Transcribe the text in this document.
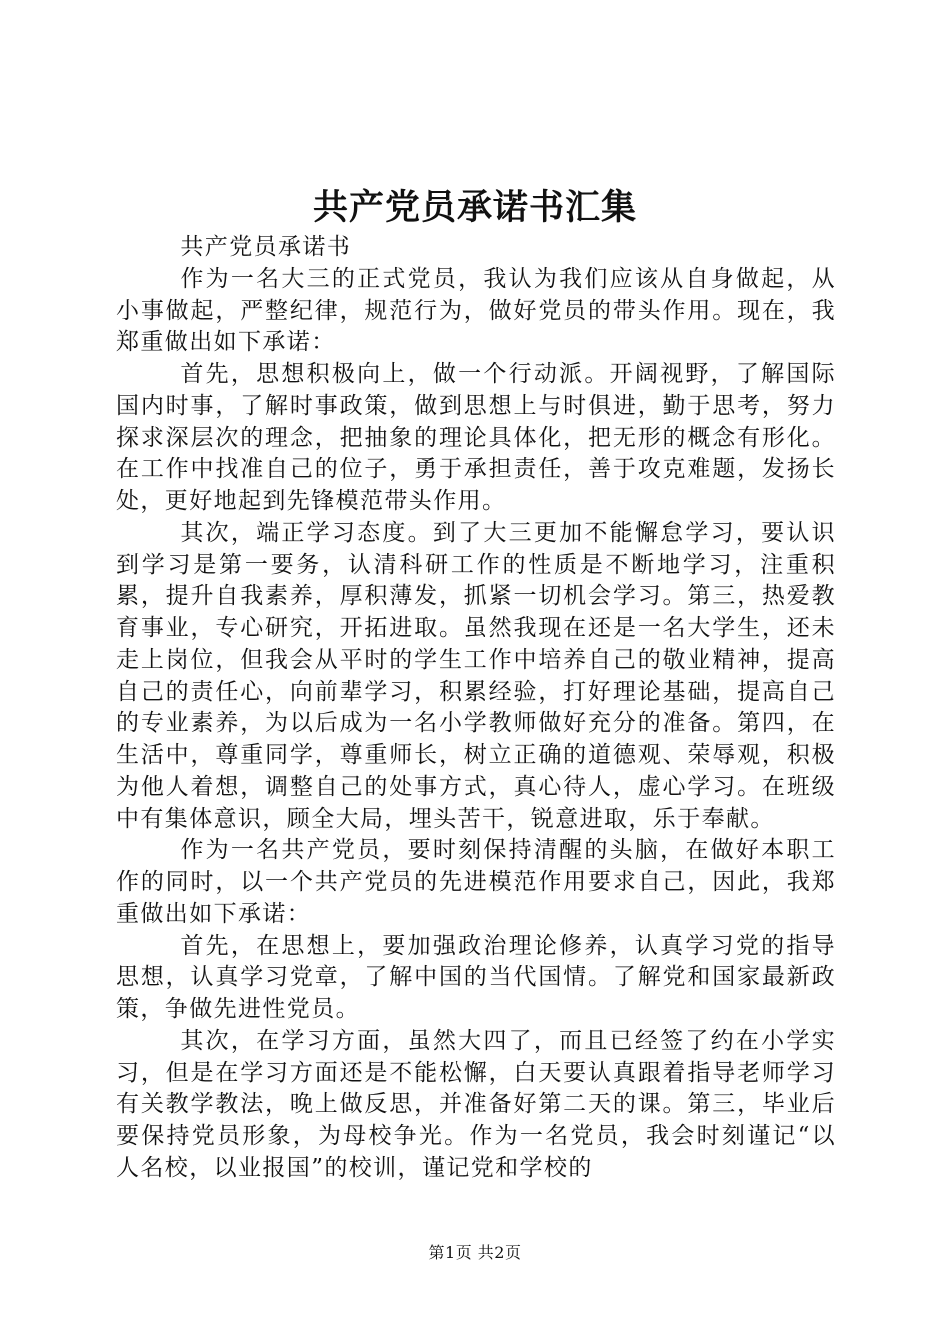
共产党员承诺书汇集

共产党员承诺书

作为一名大三的正式党员，我认为我们应该从自身做起，从小事做起，严整纪律，规范行为，做好党员的带头作用。现在，我郑重做出如下承诺：

首先，思想积极向上，做一个行动派。开阔视野，了解国际国内时事，了解时事政策，做到思想上与时俱进，勤于思考，努力探求深层次的理念，把抽象的理论具体化，把无形的概念有形化。在工作中找准自己的位子，勇于承担责任，善于攻克难题，发扬长处，更好地起到先锋模范带头作用。

其次，端正学习态度。到了大三更加不能懈怠学习，要认识到学习是第一要务，认清科研工作的性质是不断地学习，注重积累，提升自我素养，厚积薄发，抓紧一切机会学习。第三，热爱教育事业，专心研究，开拓进取。虽然我现在还是一名大学生，还未走上岗位，但我会从平时的学生工作中培养自己的敬业精神，提高自己的责任心，向前辈学习，积累经验，打好理论基础，提高自己的专业素养，为以后成为一名小学教师做好充分的准备。第四，在生活中，尊重同学，尊重师长，树立正确的道德观、荣辱观，积极为他人着想，调整自己的处事方式，真心待人，虚心学习。在班级中有集体意识，顾全大局，埋头苦干，锐意进取，乐于奉献。

作为一名共产党员，要时刻保持清醒的头脑，在做好本职工作的同时，以一个共产党员的先进模范作用要求自己，因此，我郑重做出如下承诺：

首先，在思想上，要加强政治理论修养，认真学习党的指导思想，认真学习党章，了解中国的当代国情。了解党和国家最新政策，争做先进性党员。

其次，在学习方面，虽然大四了，而且已经签了约在小学实习，但是在学习方面还是不能松懈，白天要认真跟着指导老师学习有关教学教法，晚上做反思，并准备好第二天的课。第三，毕业后要保持党员形象，为母校争光。作为一名党员，我会时刻谨记“以人名校，以业报国”的校训，谨记党和学校的

第1页 共2页
